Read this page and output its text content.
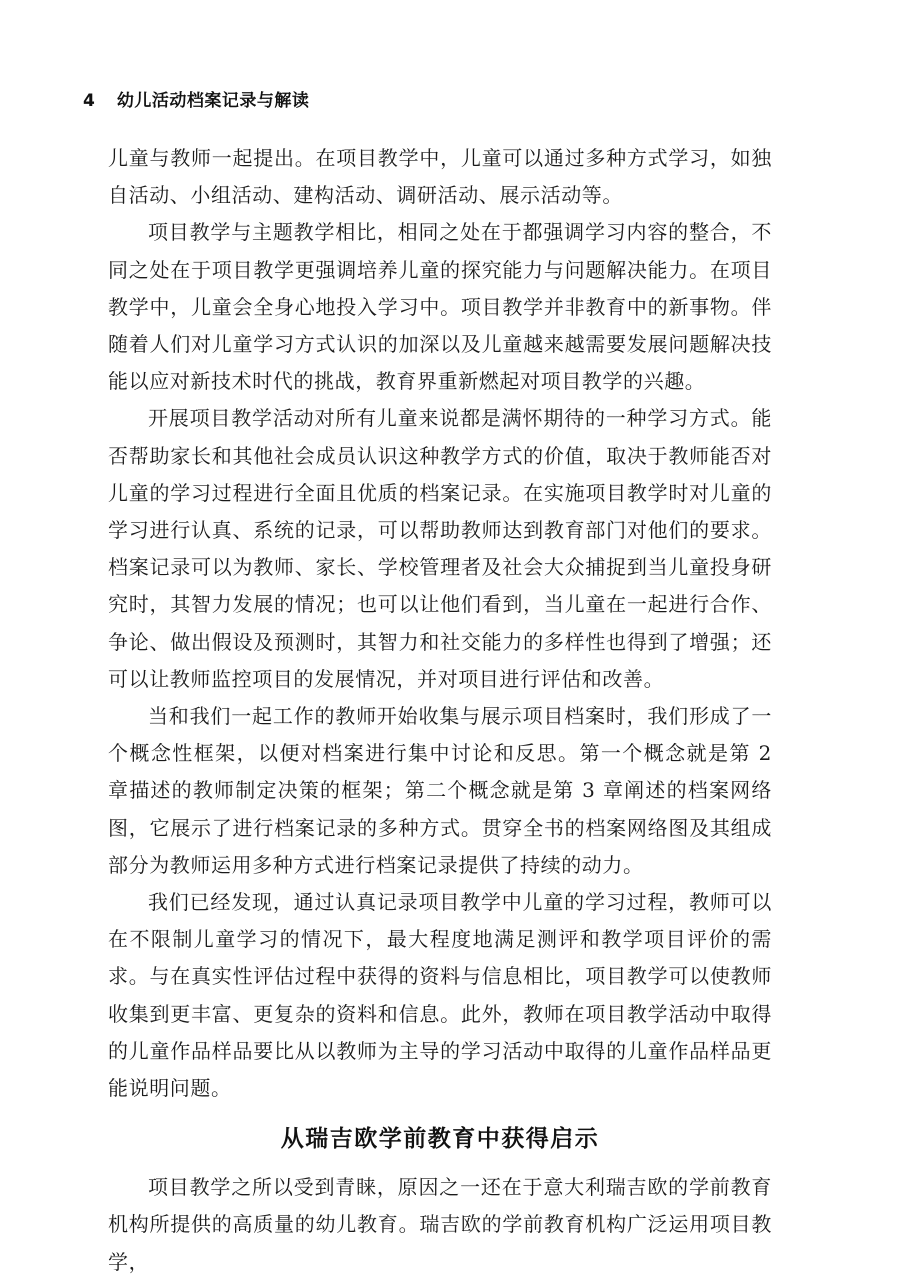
4 幼儿活动档案记录与解读

儿童与教师一起提出。在项目教学中，儿童可以通过多种方式学习，如独自活动、小组活动、建构活动、调研活动、展示活动等。

项目教学与主题教学相比，相同之处在于都强调学习内容的整合，不同之处在于项目教学更强调培养儿童的探究能力与问题解决能力。在项目教学中，儿童会全身心地投入学习中。项目教学并非教育中的新事物。伴随着人们对儿童学习方式认识的加深以及儿童越来越需要发展问题解决技能以应对新技术时代的挑战，教育界重新燃起对项目教学的兴趣。

开展项目教学活动对所有儿童来说都是满怀期待的一种学习方式。能否帮助家长和其他社会成员认识这种教学方式的价值，取决于教师能否对儿童的学习过程进行全面且优质的档案记录。在实施项目教学时对儿童的学习进行认真、系统的记录，可以帮助教师达到教育部门对他们的要求。档案记录可以为教师、家长、学校管理者及社会大众捕捉到当儿童投身研究时，其智力发展的情况；也可以让他们看到，当儿童在一起进行合作、争论、做出假设及预测时，其智力和社交能力的多样性也得到了增强；还可以让教师监控项目的发展情况，并对项目进行评估和改善。

当和我们一起工作的教师开始收集与展示项目档案时，我们形成了一个概念性框架，以便对档案进行集中讨论和反思。第一个概念就是第 2 章描述的教师制定决策的框架；第二个概念就是第 3 章阐述的档案网络图，它展示了进行档案记录的多种方式。贯穿全书的档案网络图及其组成部分为教师运用多种方式进行档案记录提供了持续的动力。

我们已经发现，通过认真记录项目教学中儿童的学习过程，教师可以在不限制儿童学习的情况下，最大程度地满足测评和教学项目评价的需求。与在真实性评估过程中获得的资料与信息相比，项目教学可以使教师收集到更丰富、更复杂的资料和信息。此外，教师在项目教学活动中取得的儿童作品样品要比从以教师为主导的学习活动中取得的儿童作品样品更能说明问题。

从瑞吉欧学前教育中获得启示

项目教学之所以受到青睐，原因之一还在于意大利瑞吉欧的学前教育机构所提供的高质量的幼儿教育。瑞吉欧的学前教育机构广泛运用项目教学，
